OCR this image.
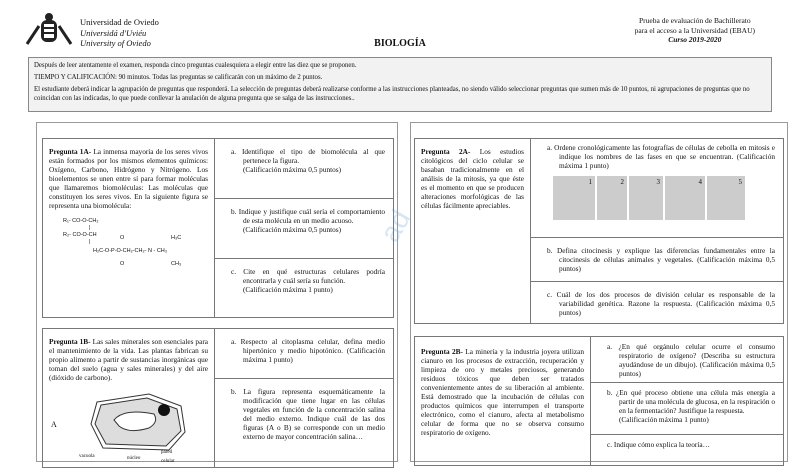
Universidad de Oviedo
Universidá d'Uviéu
University of Oviedo	BIOLOGÍA
Prueba de evaluación de Bachillerato
para el acceso a la Universidad (EBAU)
Curso 2019-2020

Después de leer atentamente el examen, responda cinco preguntas cualesquiera a elegir entre las diez que se proponen.

TIEMPO Y CALIFICACIÓN: 90 minutos. Todas las preguntas se calificarán con un máximo de 2 puntos.

El estudiante deberá indicar la agrupación de preguntas que responderá. La selección de preguntas deberá realizarse conforme a las instrucciones planteadas, no siendo válido seleccionar preguntas que sumen más de 10 puntos, ni agrupaciones de preguntas que no coincidan con las indicadas, lo que puede conllevar la anulación de alguna pregunta que se salga de las instrucciones..

ad
Pregunta 1A- La inmensa mayoría de los seres vivos están formados por los mismos elementos químicos: Oxígeno, Carbono, Hidrógeno y Nitrógeno. Los bioelementos se unen entre sí para formar moléculas que llamaremos biomoléculas: Las moléculas que constituyen los seres vivos. En la siguiente figura se representa una biomolécula:
R₁- CO-O-CH₂
|
R₂- CO-O-CH	O	H₃C
|
H₂C-O-P-O-CH₂-CH₂- N - CH₃
O	CH₃
a. Identifique el tipo de biomolécula al que pertenece la figura.
(Calificación máxima 0,5 puntos)
b. Indique y justifique cuál sería el comportamiento de esta molécula en un medio acuoso.
(Calificación máxima 0,5 puntos)
c. Cite en qué estructuras celulares podría encontrarla y cuál sería su función.
(Calificación máxima 1 punto)
Pregunta 1B- Las sales minerales son esenciales para el mantenimiento de la vida. Las plantas fabrican su propio alimento a partir de sustancias inorgánicas que toman del suelo (agua y sales minerales) y del aire (dióxido de carbono).
A
vacuola	núcleo
pared celular
a. Respecto al citoplasma celular, defina medio hipertónico y medio hipotónico. (Calificación máxima 1 punto)
b. La figura representa esquemáticamente la modificación que tiene lugar en las células vegetales en función de la concentración salina del medio externo. Indique cuál de las dos figuras (A o B) se corresponde con un medio externo de mayor concentración salina…
Pregunta 2A- Los estudios citológicos del ciclo celular se basaban tradicionalmente en el análisis de la mitosis, ya que éste es el momento en que se producen alteraciones morfológicas de las células fácilmente apreciables.
a. Ordene cronológicamente las fotografías de células de cebolla en mitosis e indique los nombres de las fases en que se encuentran. (Calificación máxima 1 punto)
1	2	3	4	5
b. Defina citocinesis y explique las diferencias fundamentales entre la citocinesis de células animales y vegetales. (Calificación máxima 0,5 puntos)
c. Cuál de los dos procesos de división celular es responsable de la variabilidad genética. Razone la respuesta. (Calificación máxima 0,5 puntos)
Pregunta 2B- La minería y la industria joyera utilizan cianuro en los procesos de extracción, recuperación y limpieza de oro y metales preciosos, generando residuos tóxicos que deben ser tratados convenientemente antes de su liberación al ambiente. Está demostrado que la incubación de células con productos químicos que interrumpen el transporte electrónico, como el cianuro, afecta al metabolismo celular de forma que no se observa consumo respiratorio de oxígeno.
a. ¿En qué orgánulo celular ocurre el consumo respiratorio de oxígeno? (Describa su estructura ayudándose de un dibujo). (Calificación máxima 0,5 puntos)
b. ¿En qué proceso obtiene una célula más energía a partir de una molécula de glucosa, en la respiración o en la fermentación? Justifique la respuesta.
(Calificación máxima 1 punto)
c. Indique cómo explica la teoría…
